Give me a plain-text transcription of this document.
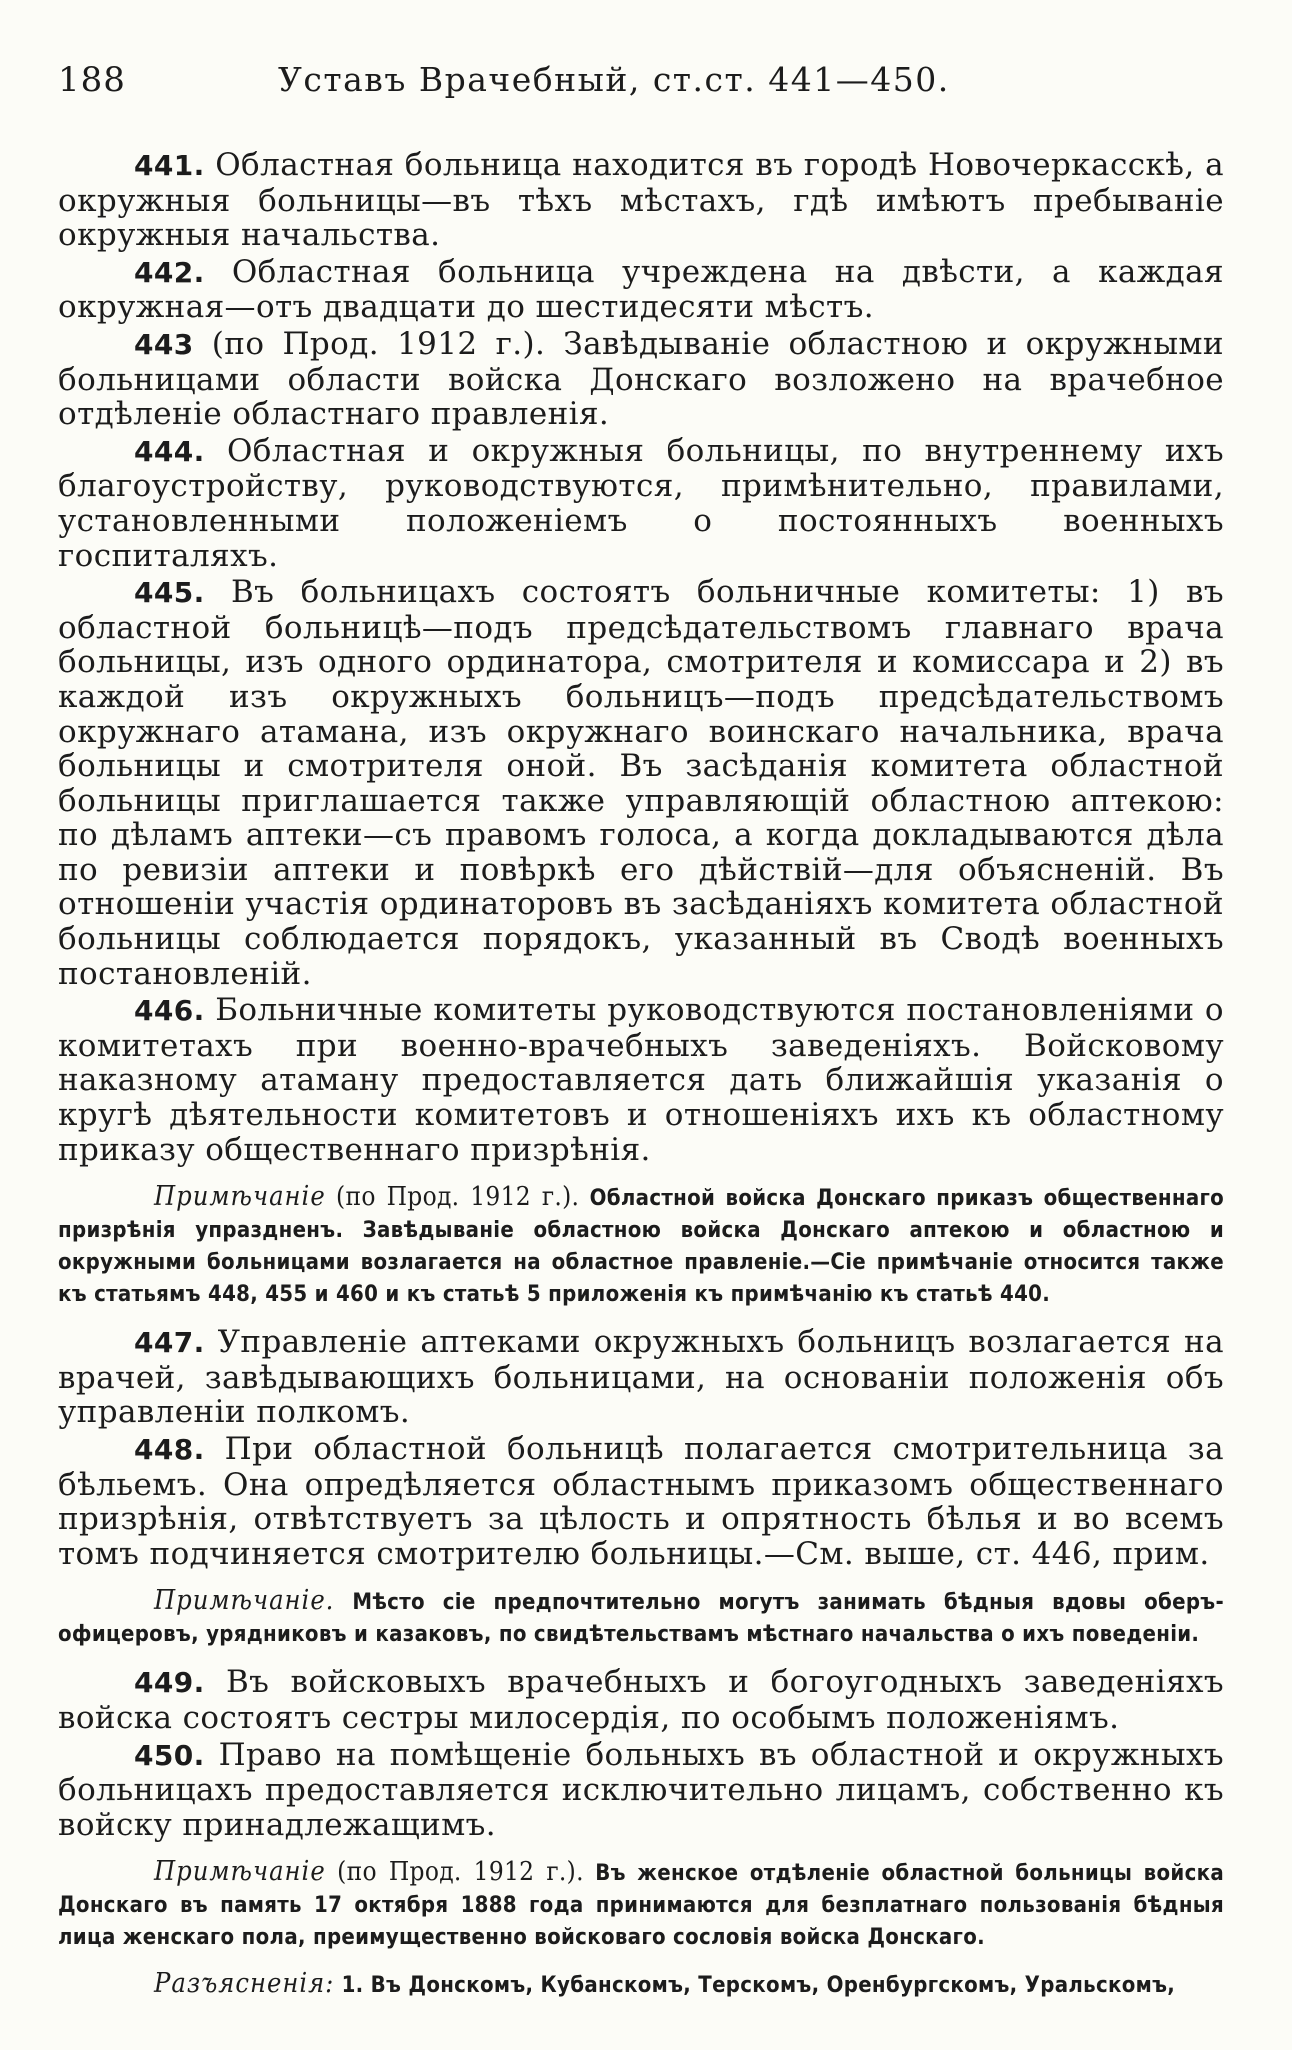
188	Уставъ Врачебный, ст.ст. 441—450.

441. Областная больница находится въ городѣ Новочеркасскѣ, а окружныя больницы—въ тѣхъ мѣстахъ, гдѣ имѣютъ пребываніе окружныя начальства.

442. Областная больница учреждена на двѣсти, а каждая окружная—отъ двадцати до шестидесяти мѣстъ.

443 (по Прод. 1912 г.). Завѣдываніе областною и окружными больницами области войска Донскаго возложено на врачебное отдѣленіе областнаго правленія.

444. Областная и окружныя больницы, по внутреннему ихъ благоустройству, руководствуются, примѣнительно, правилами, установленными положеніемъ о постоянныхъ военныхъ госпиталяхъ.

445. Въ больницахъ состоятъ больничные комитеты: 1) въ областной больницѣ—подъ предсѣдательствомъ главнаго врача больницы, изъ одного ординатора, смотрителя и комиссара и 2) въ каждой изъ окружныхъ больницъ—подъ предсѣдательствомъ окружнаго атамана, изъ окружнаго воинскаго начальника, врача больницы и смотрителя оной. Въ засѣданія комитета областной больницы приглашается также управляющій областною аптекою: по дѣламъ аптеки—съ правомъ голоса, а когда докладываются дѣла по ревизіи аптеки и повѣркѣ его дѣйствій—для объясненій. Въ отношеніи участія ординаторовъ въ засѣданіяхъ комитета областной больницы соблюдается порядокъ, указанный въ Сводѣ военныхъ постановленій.

446. Больничные комитеты руководствуются постановленіями о комитетахъ при военно-врачебныхъ заведеніяхъ. Войсковому наказному атаману предоставляется дать ближайшія указанія о кругѣ дѣятельности комитетовъ и отношеніяхъ ихъ къ областному приказу общественнаго призрѣнія.

Примѣчаніе (по Прод. 1912 г.). Областной войска Донскаго приказъ общественнаго призрѣнія упраздненъ. Завѣдываніе областною войска Донскаго аптекою и областною и окружными больницами возлагается на областное правленіе.—Сіе примѣчаніе относится также къ статьямъ 448, 455 и 460 и къ статьѣ 5 приложенія къ примѣчанію къ статьѣ 440.

447. Управленіе аптеками окружныхъ больницъ возлагается на врачей, завѣдывающихъ больницами, на основаніи положенія объ управленіи полкомъ.

448. При областной больницѣ полагается смотрительница за бѣльемъ. Она опредѣляется областнымъ приказомъ общественнаго призрѣнія, отвѣтствуетъ за цѣлость и опрятность бѣлья и во всемъ томъ подчиняется смотрителю больницы.—См. выше, ст. 446, прим.

Примѣчаніе. Мѣсто сіе предпочтительно могутъ занимать бѣдныя вдовы оберъ-офицеровъ, урядниковъ и казаковъ, по свидѣтельствамъ мѣстнаго начальства о ихъ поведеніи.

449. Въ войсковыхъ врачебныхъ и богоугодныхъ заведеніяхъ войска состоятъ сестры милосердія, по особымъ положеніямъ.

450. Право на помѣщеніе больныхъ въ областной и окружныхъ больницахъ предоставляется исключительно лицамъ, собственно къ войску принадлежащимъ.

Примѣчаніе (по Прод. 1912 г.). Въ женское отдѣленіе областной больницы войска Донскаго въ память 17 октября 1888 года принимаются для безплатнаго пользованія бѣдныя лица женскаго пола, преимущественно войсковаго сословія войска Донскаго.

Разъясненія: 1. Въ Донскомъ, Кубанскомъ, Терскомъ, Оренбургскомъ, Уральскомъ,
